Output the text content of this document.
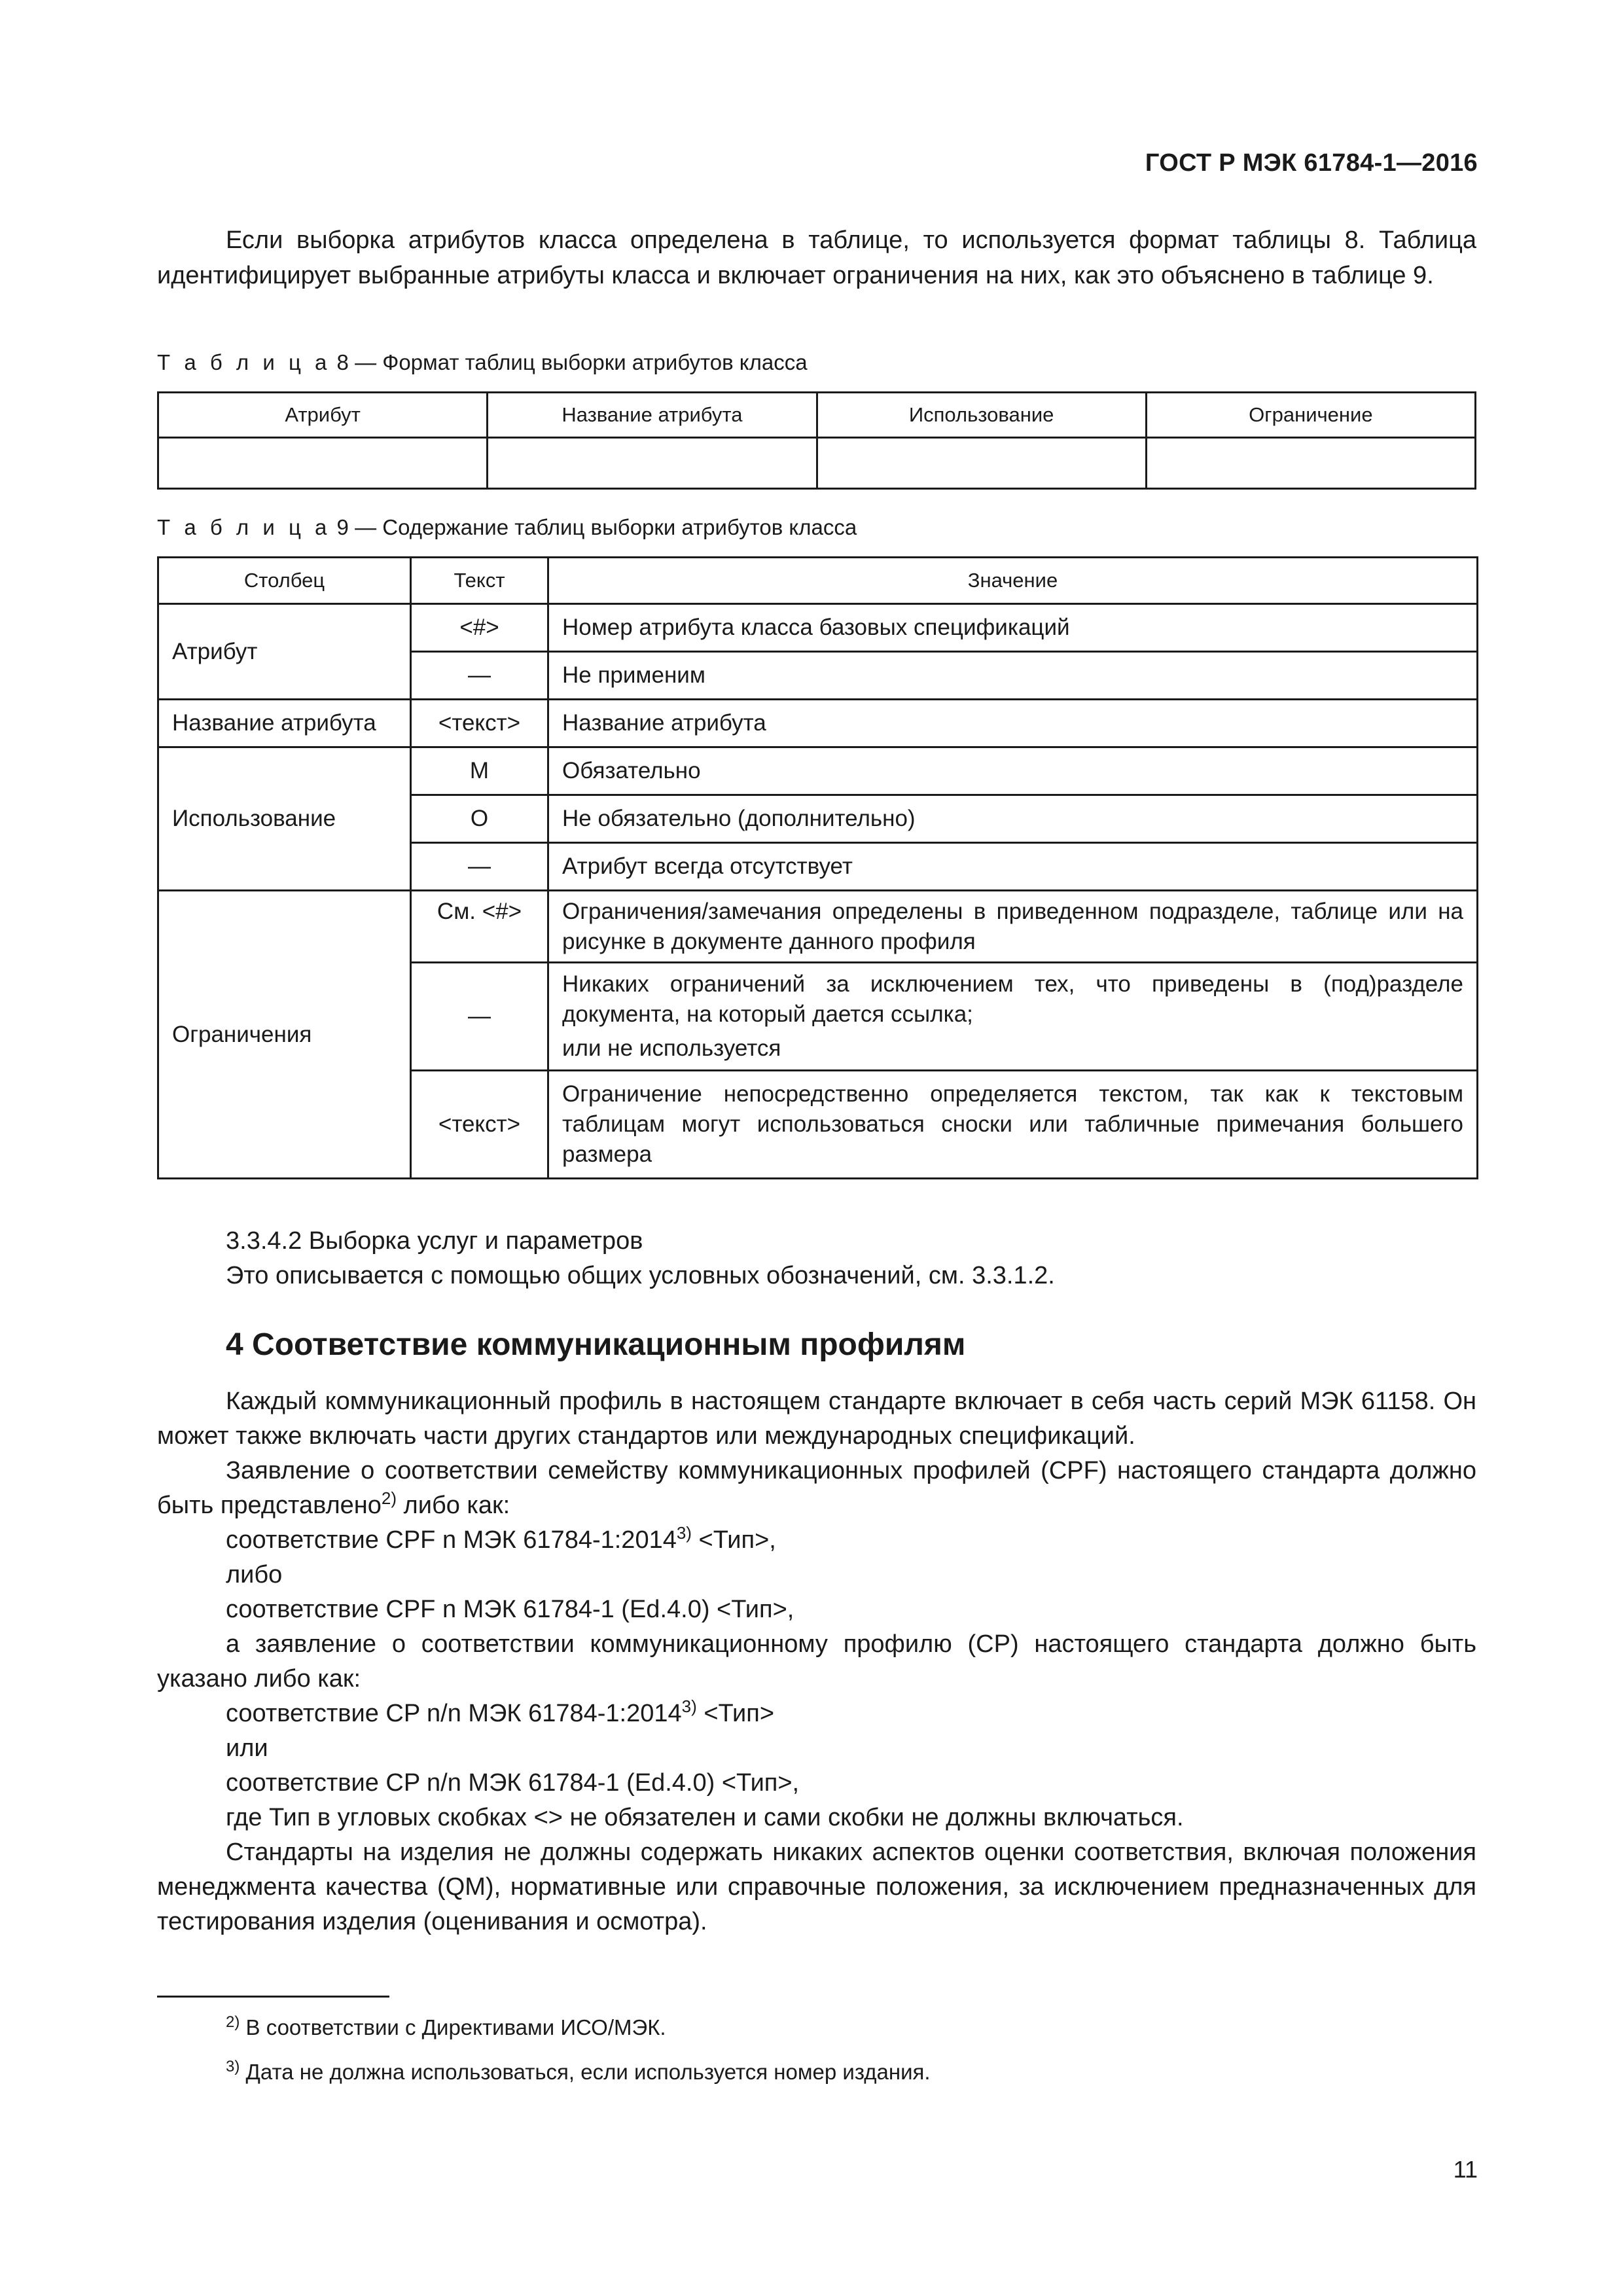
ГОСТ Р МЭК 61784-1—2016

Если выборка атрибутов класса определена в таблице, то используется формат таблицы 8. Таблица идентифицирует выбранные атрибуты класса и включает ограничения на них, как это объяснено в таблице 9.

Т а б л и ц а 8 — Формат таблиц выборки атрибутов класса
Атрибут	Название атрибута	Использование	Ограничение

Т а б л и ц а 9 — Содержание таблиц выборки атрибутов класса
Столбец	Текст	Значение
Атрибут	<#>	Номер атрибута класса базовых спецификаций
	—	Не применим
Название атрибута	<текст>	Название атрибута
Использование	M	Обязательно
	O	Не обязательно (дополнительно)
	—	Атрибут всегда отсутствует
Ограничения	См. <#>	Ограничения/замечания определены в приведенном подразделе, таблице или на рисунке в документе данного профиля
	—	Никаких ограничений за исключением тех, что приведены в (под)разделе документа, на который дается ссылка;
или не используется

	<текст>	Ограничение непосредственно определяется текстом, так как к текстовым таблицам могут использоваться сноски или табличные примечания большего размера

3.3.4.2 Выборка услуг и параметров

Это описывается с помощью общих условных обозначений, см. 3.3.1.2.

4 Соответствие коммуникационным профилям

Каждый коммуникационный профиль в настоящем стандарте включает в себя часть серий МЭК 61158. Он может также включать части других стандартов или международных спецификаций.

Заявление о соответствии семейству коммуникационных профилей (CPF) настоящего стандарта должно быть представлено$^{2)}$ либо как:

соответствие CPF n МЭК $61784-1:2014^{3)} <Тип>$,

либо

соответствие CPF n МЭК 61784-1 (Ed.4.0) <Тип>,

а заявление о соответствии коммуникационному профилю (CP) настоящего стандарта должно быть указано либо как:

соответствие CP n/n МЭК $61784-1:2014^{3)} <Тип>$

или

соответствие CP n/n МЭК 61784-1 (Ed.4.0) <Тип>,

где Тип в угловых скобках <> не обязателен и сами скобки не должны включаться.

Стандарты на изделия не должны содержать никаких аспектов оценки соответствия, включая положения менеджмента качества (QM), нормативные или справочные положения, за исключением предназначенных для тестирования изделия (оценивания и осмотра).

$^{2)}$ В соответствии с Директивами ИСО/МЭК.
$^{3)}$ Дата не должна использоваться, если используется номер издания.
11
